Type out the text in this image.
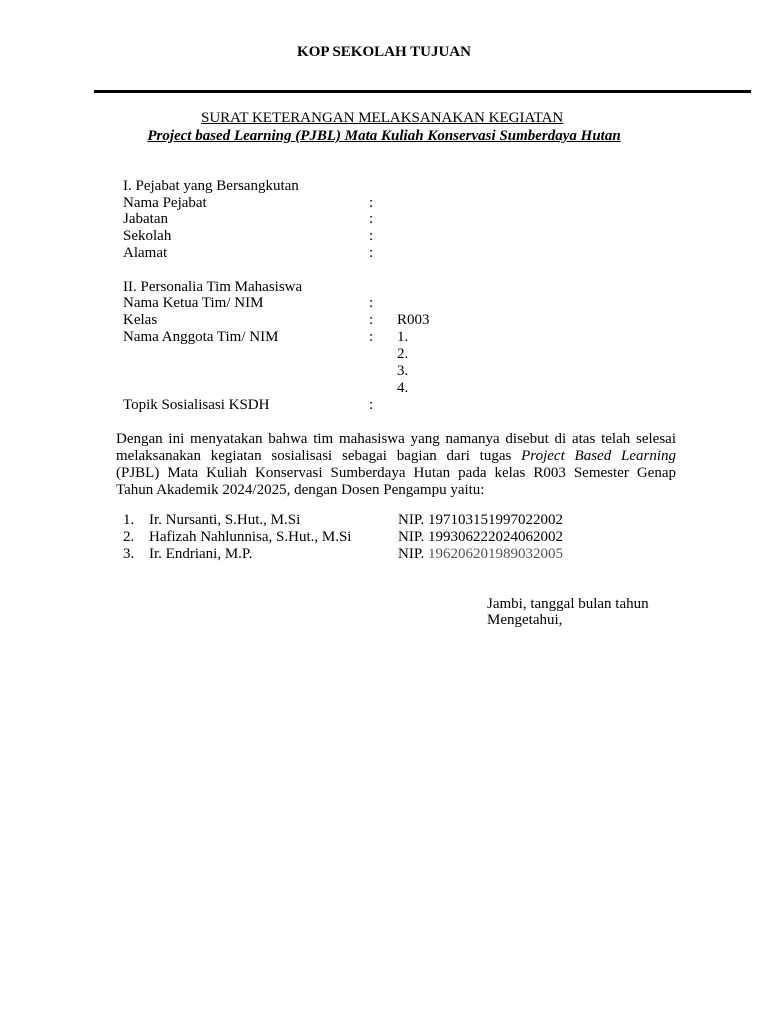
KOP SEKOLAH TUJUAN
SURAT KETERANGAN MELAKSANAKAN KEGIATAN
Project based Learning (PJBL) Mata Kuliah Konservasi Sumberdaya Hutan
I. Pejabat yang Bersangkutan
Nama Pejabat	:
Jabatan	:
Sekolah	:
Alamat	:
II. Personalia Tim Mahasiswa
Nama Ketua Tim/ NIM	:
Kelas	: R003
Nama Anggota Tim/ NIM	: 1.
2.
3.
4.
Topik Sosialisasi KSDH	:
Dengan ini menyatakan bahwa tim mahasiswa yang namanya disebut di atas telah selesai
melaksanakan kegiatan sosialisasi sebagai bagian dari tugas Project Based Learning
(PJBL) Mata Kuliah Konservasi Sumberdaya Hutan pada kelas R003 Semester Genap
Tahun Akademik 2024/2025, dengan Dosen Pengampu yaitu:
1. Ir. Nursanti, S.Hut., M.Si	NIP. 197103151997022002
2. Hafizah Nahlunnisa, S.Hut., M.Si	NIP. 199306222024062002
3. Ir. Endriani, M.P.	NIP. 196206201989032005
Jambi, tanggal bulan tahun
Mengetahui,
